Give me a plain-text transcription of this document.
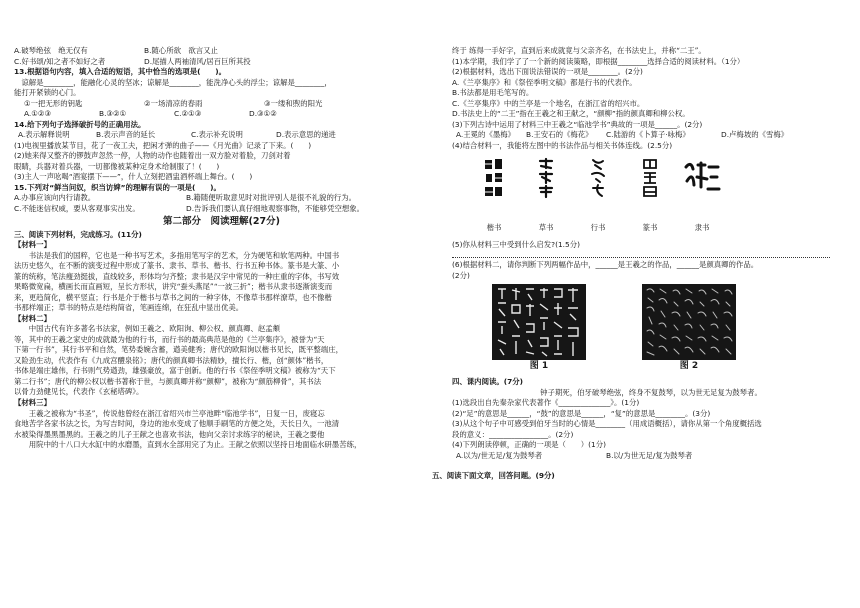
A.破琴绝弦　绝无仅有	B.随心所欲　欲言又止
C.好书颂/知之者不如好之者	D.尾描人两袖清风/居百巨所其投
13.根据语句内容，填入合适的短语，其中恰当的选项是(　　)。
　谅解是________，能融化心灵的坚冰；谅解是________，能洗净心头的浮尘；谅解是________，
能打开紧锁的心门。
①一把无形的钥匙	②一场清凉的春雨	③一缕和煦的阳光
A.①②③	B.③②①	C.②①③	D.③①②
14.给下列句子选择破折号的正确用法。
A.表示解释说明	B.表示声音的延长	C.表示补充说明	D.表示意思的递进
(1)电视里播放某节目，花了一夜工夫，把闲才弹的曲子——《月光曲》记录了下来。(　　)
(2)她来得又整齐的锣鼓声忽然一停，人物的动作也随着出一双方脸对着脸，刀剑对着
眼睛，兵器对着兵器，一切都像被某种定身术给制服了！(　　)
(3)主人一声吆喝“酒宴摆下——”，什人立刻把酒盅酒杯端上舞台。(　　)
15.下列对“鲜当问奴，织当访婢”的理解有误的一项是(　　)。
A.办事应该向内行请教。	B.籍随便听取意见时对批评别人是很不礼貌的行为。
C.不能迷信权威，要从客观事实出发。	D.告诉我们要认真仔细地观察事物，不能够凭空想象。
第二部分　阅读理解(27分)
三、阅读下列材料，完成练习。(11分)
【材料一】
　　书法是我们的国粹，它也是一种书写艺术，多指用笔写字的艺术，分为硬笔和软笔两种。中国书
法历史悠久，在不断的演变过程中形成了篆书、隶书、草书、楷书、行书五种书体。篆书是大篆、小
篆的统称，笔法瘦劲挺拔，直线较多，形体均匀齐整；隶书是汉字中常见的一种庄重的字体，书写效
果略微宽扁，横画长而直画短，呈长方形状，讲究“蚕头燕尾”“一波三折”；楷书从隶书逐渐演变而
来，更趋简化，横平竖直；行书是介于楷书与草书之间的一种字体，不像草书那样潦草，也不像楷
书那样端正；草书的特点是结构简省，笔画连绵，在狂乱中显出优美。
【材料二】
　　中国古代有许多著名书法家，例如王羲之、欧阳询、柳公权、颜真卿、赵孟頫
等，其中的王羲之家史的成就最为他的行书，而行书的最高典范是他的《兰亭集序》，被誉为“天
下第一行书”，其行书平和自然，笔势委婉含蓄，遒美健秀；唐代的欧阳询以楷书见长，既平整端庄，
又险劲生动，代表作有《九成宫醴泉铭》；唐代的颜真卿书法精妙，擅长行、楷，创“颜体”楷书，
书体是端庄雄伟，行书则气势遒劲，雄强豪放，富于创新。他的行书《祭侄季明文稿》被称为“天下
第二行书”；唐代的柳公权以楷书著称于世，与颜真卿并称“颜柳”，被称为“颜筋柳骨”，其书法
以骨力劲健见长，代表作《玄秘塔碑》。
【材料三】
　　王羲之被称为“书圣”，传说他曾经在浙江省绍兴市兰亭池畔“临池学书”，日复一日，废寝忘
食地苦学各家书法之长，为写吉时间，身边的池水变成了他顺手刷笔的方便之处，天长日久，一池清
水被染得墨黑墨黑的。王羲之的儿子王献之也喜欢书法，他向父亲讨求练字的秘诀，王羲之要他
　　用院中的十八口大水缸中的水磨墨，直到水全部用完了为止。王献之依照以坚持日地面临水研墨苦练，
终于 练得一手好字，直到后来成就竟与父亲齐名，在书法史上，并称“二王”。
(1)本学期，我们学了了一个新的阅读策略，即根据________选择合适的阅读材料。（1分）
(2)根据材料，选出下面说法错误的一项是________。(2分)
A.《兰亭集序》和《祭侄季明文稿》都是行书的代表作。
B.书法都是用毛笔写的。
C.《兰亭集序》中的兰亭是一个地名，在浙江省的绍兴市。
D.书法史上的“二王”指在王羲之和王献之，“颜柳”指的颜真卿和柳公权。
(3)下列古诗中运用了材料三中王羲之“临池学书”典故的一项是______。(2分)
A.王冕的《墨梅》	B.王安石的《梅花》	C.陆游的《卜算子·咏梅》	D.卢梅坡的《雪梅》
(4)结合材料一，我能将左图中的书法作品与相关书体连线。(2.5分)
楷书	草书	行书	篆书	隶书
(5)你从材料三中受到什么启发?(1.5分)
(6)根据材料二，请你判断下列两幅作品中，______是王羲之的作品，______是颜真卿的作品。
(2分)
图 1	图 2
四、课内阅读。(7分)
钟子期死，伯牙破琴绝弦，终身不复鼓琴，以为世无足复为鼓琴者。
(1)选段出自先秦杂家代表著作《______________》。(1分)
(2)“足”的意思是______，“鼓”的意思是______，“复”的意思是________。(3分)
(3)从这个句子中可感受到伯牙当时的心情是________（用成语概括），请你从第一个角度概括选
段的意义：________________。(2分)
(4)下列朗读停顿，正确的一项是（　　）(1分)
A.以为/世无足/复为鼓琴者	B.以/为世无足/复为鼓琴者
五、阅读下面文章，回答问题。(9分)
